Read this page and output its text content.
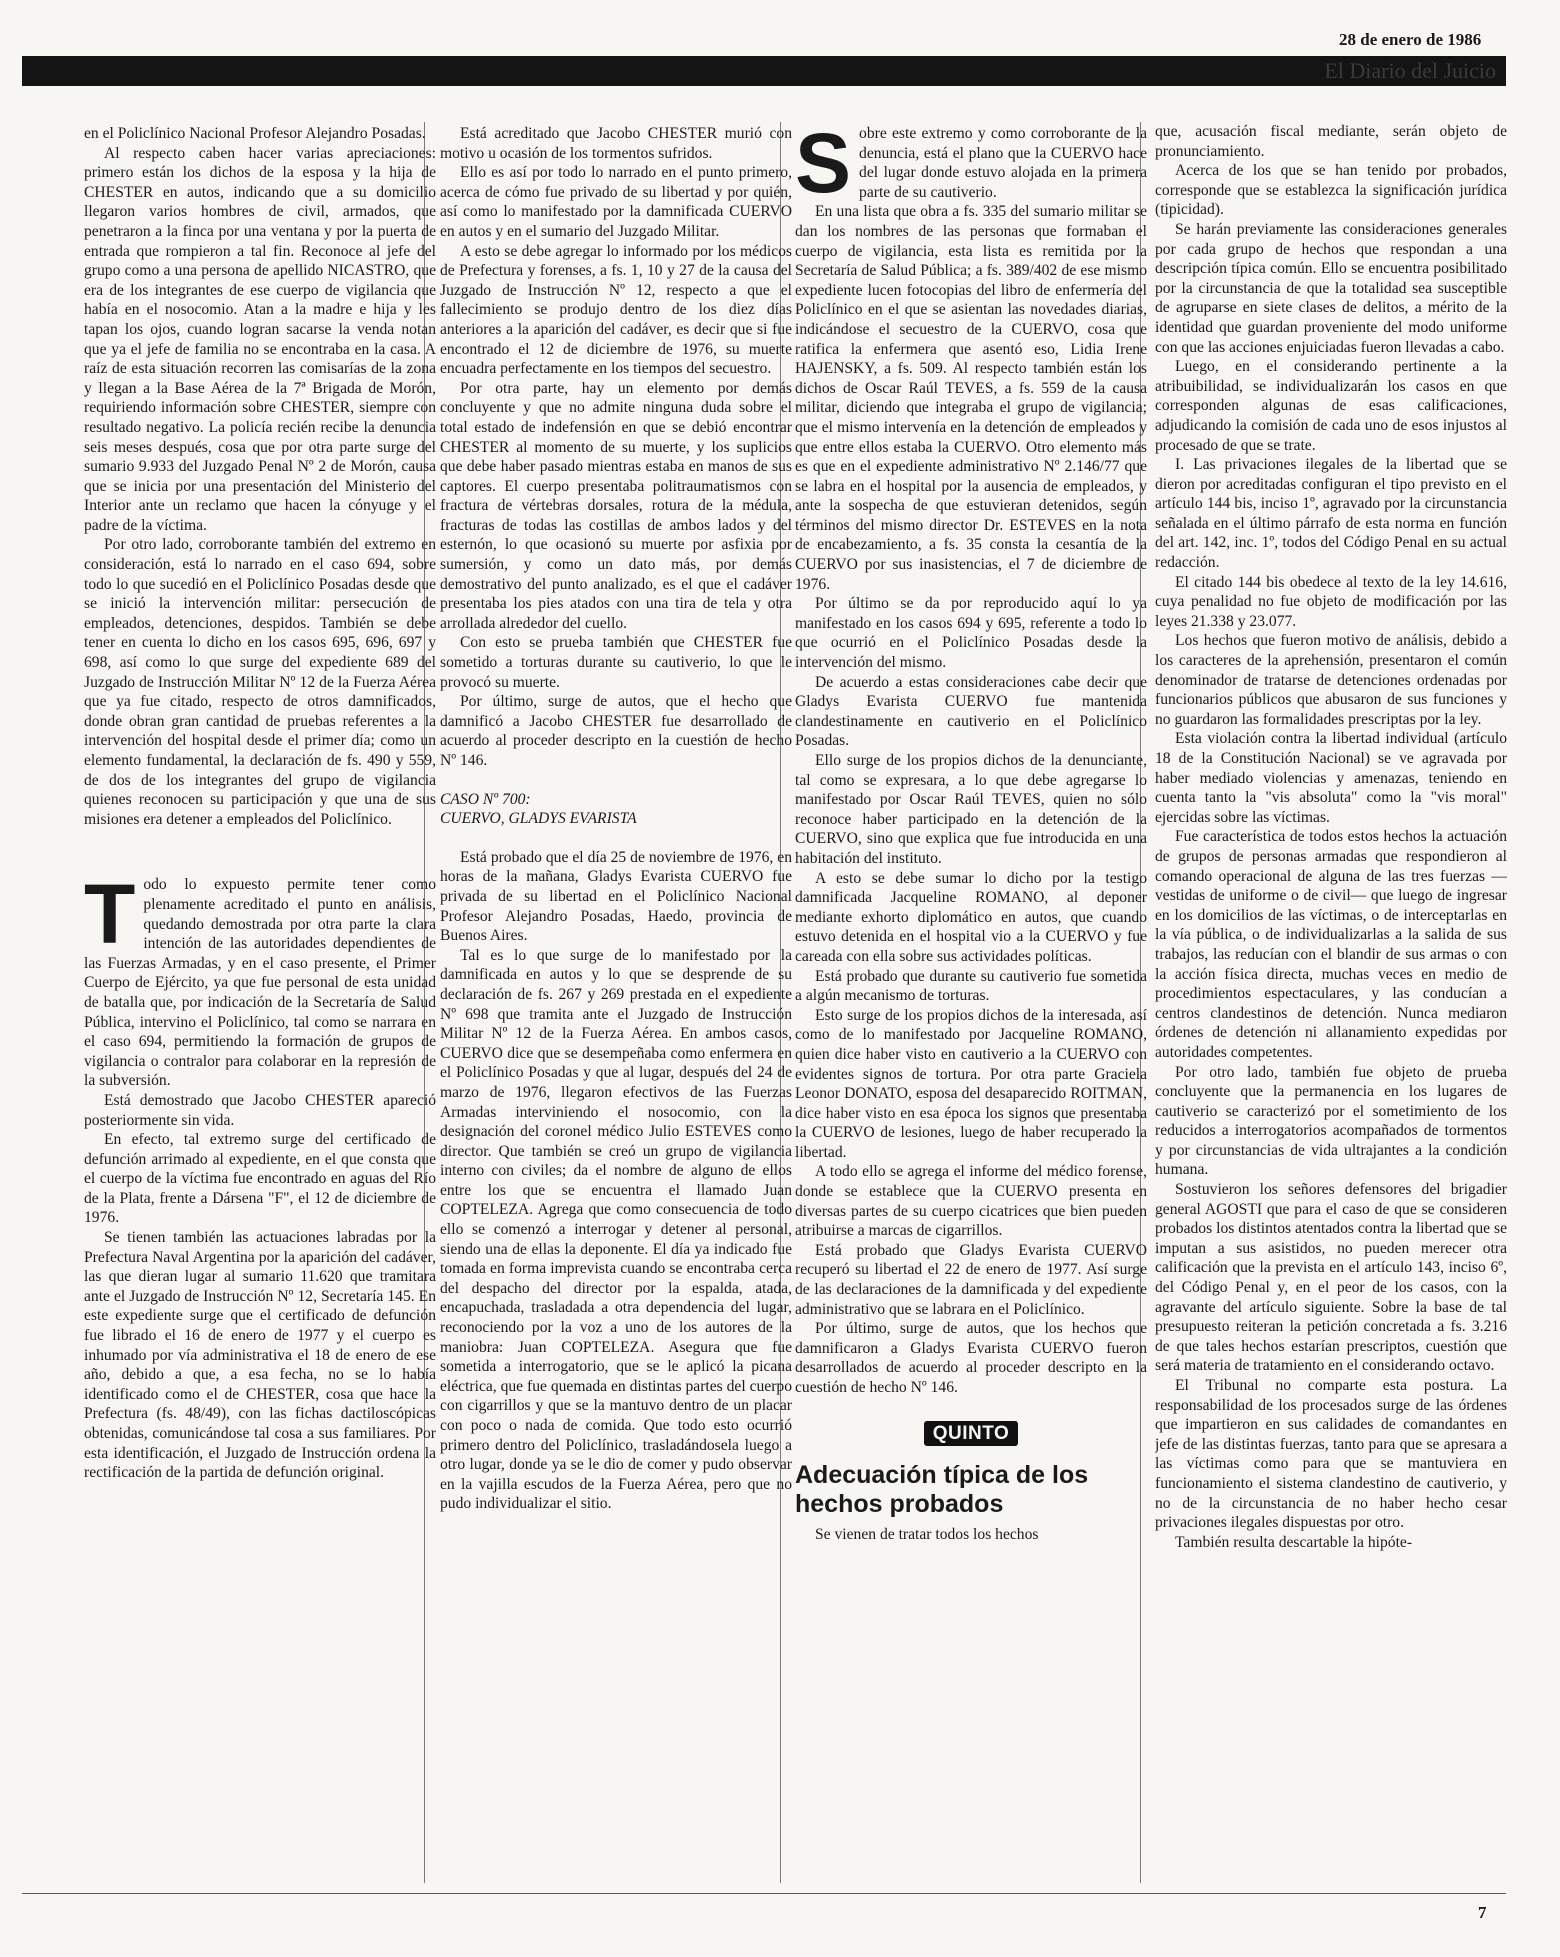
El Diario del Juicio
28 de enero de 1986

en el Policlínico Nacional Profesor Alejandro Posadas.

Al respecto caben hacer varias apreciaciones: primero están los dichos de la esposa y la hija de CHESTER en autos, indicando que a su domicilio llegaron varios hombres de civil, armados, que penetraron a la finca por una ventana y por la puerta de entrada que rompieron a tal fin. Reconoce al jefe del grupo como a una persona de apellido NICASTRO, que era de los integrantes de ese cuerpo de vigilancia que había en el nosocomio. Atan a la madre e hija y les tapan los ojos, cuando logran sacarse la venda notan que ya el jefe de familia no se encontraba en la casa. A raíz de esta situación recorren las comisarías de la zona y llegan a la Base Aérea de la 7ª Brigada de Morón, requiriendo información sobre CHESTER, siempre con resultado negativo. La policía recién recibe la denuncia seis meses después, cosa que por otra parte surge del sumario 9.933 del Juzgado Penal Nº 2 de Morón, causa que se inicia por una presentación del Ministerio del Interior ante un reclamo que hacen la cónyuge y el padre de la víctima.

Por otro lado, corroborante también del extremo en consideración, está lo narrado en el caso 694, sobre todo lo que sucedió en el Policlínico Posadas desde que se inició la intervención militar: persecución de empleados, detenciones, despidos. También se debe tener en cuenta lo dicho en los casos 695, 696, 697 y 698, así como lo que surge del expediente 689 del Juzgado de Instrucción Militar Nº 12 de la Fuerza Aérea que ya fue citado, respecto de otros damnificados, donde obran gran cantidad de pruebas referentes a la intervención del hospital desde el primer día; como un elemento fundamental, la declaración de fs. 490 y 559, de dos de los integrantes del grupo de vigilancia quienes reconocen su participación y que una de sus misiones era detener a empleados del Policlínico.

Todo lo expuesto permite tener como plenamente acreditado el punto en análisis, quedando demostrada por otra parte la clara intención de las autoridades dependientes de las Fuerzas Armadas, y en el caso presente, el Primer Cuerpo de Ejército, ya que fue personal de esta unidad de batalla que, por indicación de la Secretaría de Salud Pública, intervino el Policlínico, tal como se narrara en el caso 694, permitiendo la formación de grupos de vigilancia o contralor para colaborar en la represión de la subversión.

Está demostrado que Jacobo CHESTER apareció posteriormente sin vida.

En efecto, tal extremo surge del certificado de defunción arrimado al expediente, en el que consta que el cuerpo de la víctima fue encontrado en aguas del Río de la Plata, frente a Dársena "F", el 12 de diciembre de 1976.

Se tienen también las actuaciones labradas por la Prefectura Naval Argentina por la aparición del cadáver, las que dieran lugar al sumario 11.620 que tramitara ante el Juzgado de Instrucción Nº 12, Secretaría 145. En este expediente surge que el certificado de defunción fue librado el 16 de enero de 1977 y el cuerpo es inhumado por vía administrativa el 18 de enero de ese año, debido a que, a esa fecha, no se lo había identificado como el de CHESTER, cosa que hace la Prefectura (fs. 48/49), con las fichas dactiloscópicas obtenidas, comunicándose tal cosa a sus familiares. Por esta identificación, el Juzgado de Instrucción ordena la rectificación de la partida de defunción original.

Está acreditado que Jacobo CHESTER murió con motivo u ocasión de los tormentos sufridos.

Ello es así por todo lo narrado en el punto primero, acerca de cómo fue privado de su libertad y por quién, así como lo manifestado por la damnificada CUERVO en autos y en el sumario del Juzgado Militar.

A esto se debe agregar lo informado por los médicos de Prefectura y forenses, a fs. 1, 10 y 27 de la causa del Juzgado de Instrucción Nº 12, respecto a que el fallecimiento se produjo dentro de los diez días anteriores a la aparición del cadáver, es decir que si fue encontrado el 12 de diciembre de 1976, su muerte encuadra perfectamente en los tiempos del secuestro.

Por otra parte, hay un elemento por demás concluyente y que no admite ninguna duda sobre el total estado de indefensión en que se debió encontrar CHESTER al momento de su muerte, y los suplicios que debe haber pasado mientras estaba en manos de sus captores. El cuerpo presentaba politraumatismos con fractura de vértebras dorsales, rotura de la médula, fracturas de todas las costillas de ambos lados y del esternón, lo que ocasionó su muerte por asfixia por sumersión, y como un dato más, por demás demostrativo del punto analizado, es el que el cadáver presentaba los pies atados con una tira de tela y otra arrollada alrededor del cuello.

Con esto se prueba también que CHESTER fue sometido a torturas durante su cautiverio, lo que le provocó su muerte.

Por último, surge de autos, que el hecho que damnificó a Jacobo CHESTER fue desarrollado de acuerdo al proceder descripto en la cuestión de hecho Nº 146.

CASO Nº 700:

CUERVO, GLADYS EVARISTA

Está probado que el día 25 de noviembre de 1976, en horas de la mañana, Gladys Evarista CUERVO fue privada de su libertad en el Policlínico Nacional Profesor Alejandro Posadas, Haedo, provincia de Buenos Aires.

Tal es lo que surge de lo manifestado por la damnificada en autos y lo que se desprende de su declaración de fs. 267 y 269 prestada en el expediente Nº 698 que tramita ante el Juzgado de Instrucción Militar Nº 12 de la Fuerza Aérea. En ambos casos, CUERVO dice que se desempeñaba como enfermera en el Policlínico Posadas y que al lugar, después del 24 de marzo de 1976, llegaron efectivos de las Fuerzas Armadas interviniendo el nosocomio, con la designación del coronel médico Julio ESTEVES como director. Que también se creó un grupo de vigilancia interno con civiles; da el nombre de alguno de ellos entre los que se encuentra el llamado Juan COPTELEZA. Agrega que como consecuencia de todo ello se comenzó a interrogar y detener al personal, siendo una de ellas la deponente. El día ya indicado fue tomada en forma imprevista cuando se encontraba cerca del despacho del director por la espalda, atada, encapuchada, trasladada a otra dependencia del lugar, reconociendo por la voz a uno de los autores de la maniobra: Juan COPTELEZA. Asegura que fue sometida a interrogatorio, que se le aplicó la picana eléctrica, que fue quemada en distintas partes del cuerpo con cigarrillos y que se la mantuvo dentro de un placar con poco o nada de comida. Que todo esto ocurrió primero dentro del Policlínico, trasladándosela luego a otro lugar, donde ya se le dio de comer y pudo observar en la vajilla escudos de la Fuerza Aérea, pero que no pudo individualizar el sitio.

Sobre este extremo y como corroborante de la denuncia, está el plano que la CUERVO hace del lugar donde estuvo alojada en la primera parte de su cautiverio.

En una lista que obra a fs. 335 del sumario militar se dan los nombres de las personas que formaban el cuerpo de vigilancia, esta lista es remitida por la Secretaría de Salud Pública; a fs. 389/402 de ese mismo expediente lucen fotocopias del libro de enfermería del Policlínico en el que se asientan las novedades diarias, indicándose el secuestro de la CUERVO, cosa que ratifica la enfermera que asentó eso, Lidia Irene HAJENSKY, a fs. 509. Al respecto también están los dichos de Oscar Raúl TEVES, a fs. 559 de la causa militar, diciendo que integraba el grupo de vigilancia; que el mismo intervenía en la detención de empleados y que entre ellos estaba la CUERVO. Otro elemento más es que en el expediente administrativo Nº 2.146/77 que se labra en el hospital por la ausencia de empleados, y ante la sospecha de que estuvieran detenidos, según términos del mismo director Dr. ESTEVES en la nota de encabezamiento, a fs. 35 consta la cesantía de la CUERVO por sus inasistencias, el 7 de diciembre de 1976.

Por último se da por reproducido aquí lo ya manifestado en los casos 694 y 695, referente a todo lo que ocurrió en el Policlínico Posadas desde la intervención del mismo.

De acuerdo a estas consideraciones cabe decir que Gladys Evarista CUERVO fue mantenida clandestinamente en cautiverio en el Policlínico Posadas.

Ello surge de los propios dichos de la denunciante, tal como se expresara, a lo que debe agregarse lo manifestado por Oscar Raúl TEVES, quien no sólo reconoce haber participado en la detención de la CUERVO, sino que explica que fue introducida en una habitación del instituto.

A esto se debe sumar lo dicho por la testigo damnificada Jacqueline ROMANO, al deponer mediante exhorto diplomático en autos, que cuando estuvo detenida en el hospital vio a la CUERVO y fue careada con ella sobre sus actividades políticas.

Está probado que durante su cautiverio fue sometida a algún mecanismo de torturas.

Esto surge de los propios dichos de la interesada, así como de lo manifestado por Jacqueline ROMANO, quien dice haber visto en cautiverio a la CUERVO con evidentes signos de tortura. Por otra parte Graciela Leonor DONATO, esposa del desaparecido ROITMAN, dice haber visto en esa época los signos que presentaba la CUERVO de lesiones, luego de haber recuperado la libertad.

A todo ello se agrega el informe del médico forense, donde se establece que la CUERVO presenta en diversas partes de su cuerpo cicatrices que bien pueden atribuirse a marcas de cigarrillos.

Está probado que Gladys Evarista CUERVO recuperó su libertad el 22 de enero de 1977. Así surge de las declaraciones de la damnificada y del expediente administrativo que se labrara en el Policlínico.

Por último, surge de autos, que los hechos que damnificaron a Gladys Evarista CUERVO fueron desarrollados de acuerdo al proceder descripto en la cuestión de hecho Nº 146.

QUINTO
Adecuación típica de los hechos probados

Se vienen de tratar todos los hechos

que, acusación fiscal mediante, serán objeto de pronunciamiento.

Acerca de los que se han tenido por probados, corresponde que se establezca la significación jurídica (tipicidad).

Se harán previamente las consideraciones generales por cada grupo de hechos que respondan a una descripción típica común. Ello se encuentra posibilitado por la circunstancia de que la totalidad sea susceptible de agruparse en siete clases de delitos, a mérito de la identidad que guardan proveniente del modo uniforme con que las acciones enjuiciadas fueron llevadas a cabo.

Luego, en el considerando pertinente a la atribuibilidad, se individualizarán los casos en que corresponden algunas de esas calificaciones, adjudicando la comisión de cada uno de esos injustos al procesado de que se trate.

I. Las privaciones ilegales de la libertad que se dieron por acreditadas configuran el tipo previsto en el artículo 144 bis, inciso 1º, agravado por la circunstancia señalada en el último párrafo de esta norma en función del art. 142, inc. 1º, todos del Código Penal en su actual redacción.

El citado 144 bis obedece al texto de la ley 14.616, cuya penalidad no fue objeto de modificación por las leyes 21.338 y 23.077.

Los hechos que fueron motivo de análisis, debido a los caracteres de la aprehensión, presentaron el común denominador de tratarse de detenciones ordenadas por funcionarios públicos que abusaron de sus funciones y no guardaron las formalidades prescriptas por la ley.

Esta violación contra la libertad individual (artículo 18 de la Constitución Nacional) se ve agravada por haber mediado violencias y amenazas, teniendo en cuenta tanto la "vis absoluta" como la "vis moral" ejercidas sobre las víctimas.

Fue característica de todos estos hechos la actuación de grupos de personas armadas que respondieron al comando operacional de alguna de las tres fuerzas —vestidas de uniforme o de civil— que luego de ingresar en los domicilios de las víctimas, o de interceptarlas en la vía pública, o de individualizarlas a la salida de sus trabajos, las reducían con el blandir de sus armas o con la acción física directa, muchas veces en medio de procedimientos espectaculares, y las conducían a centros clandestinos de detención. Nunca mediaron órdenes de detención ni allanamiento expedidas por autoridades competentes.

Por otro lado, también fue objeto de prueba concluyente que la permanencia en los lugares de cautiverio se caracterizó por el sometimiento de los reducidos a interrogatorios acompañados de tormentos y por circunstancias de vida ultrajantes a la condición humana.

Sostuvieron los señores defensores del brigadier general AGOSTI que para el caso de que se consideren probados los distintos atentados contra la libertad que se imputan a sus asistidos, no pueden merecer otra calificación que la prevista en el artículo 143, inciso 6º, del Código Penal y, en el peor de los casos, con la agravante del artículo siguiente. Sobre la base de tal presupuesto reiteran la petición concretada a fs. 3.216 de que tales hechos estarían prescriptos, cuestión que será materia de tratamiento en el considerando octavo.

El Tribunal no comparte esta postura. La responsabilidad de los procesados surge de las órdenes que impartieron en sus calidades de comandantes en jefe de las distintas fuerzas, tanto para que se apresara a las víctimas como para que se mantuviera en funcionamiento el sistema clandestino de cautiverio, y no de la circunstancia de no haber hecho cesar privaciones ilegales dispuestas por otro.

También resulta descartable la hipóte-

7
